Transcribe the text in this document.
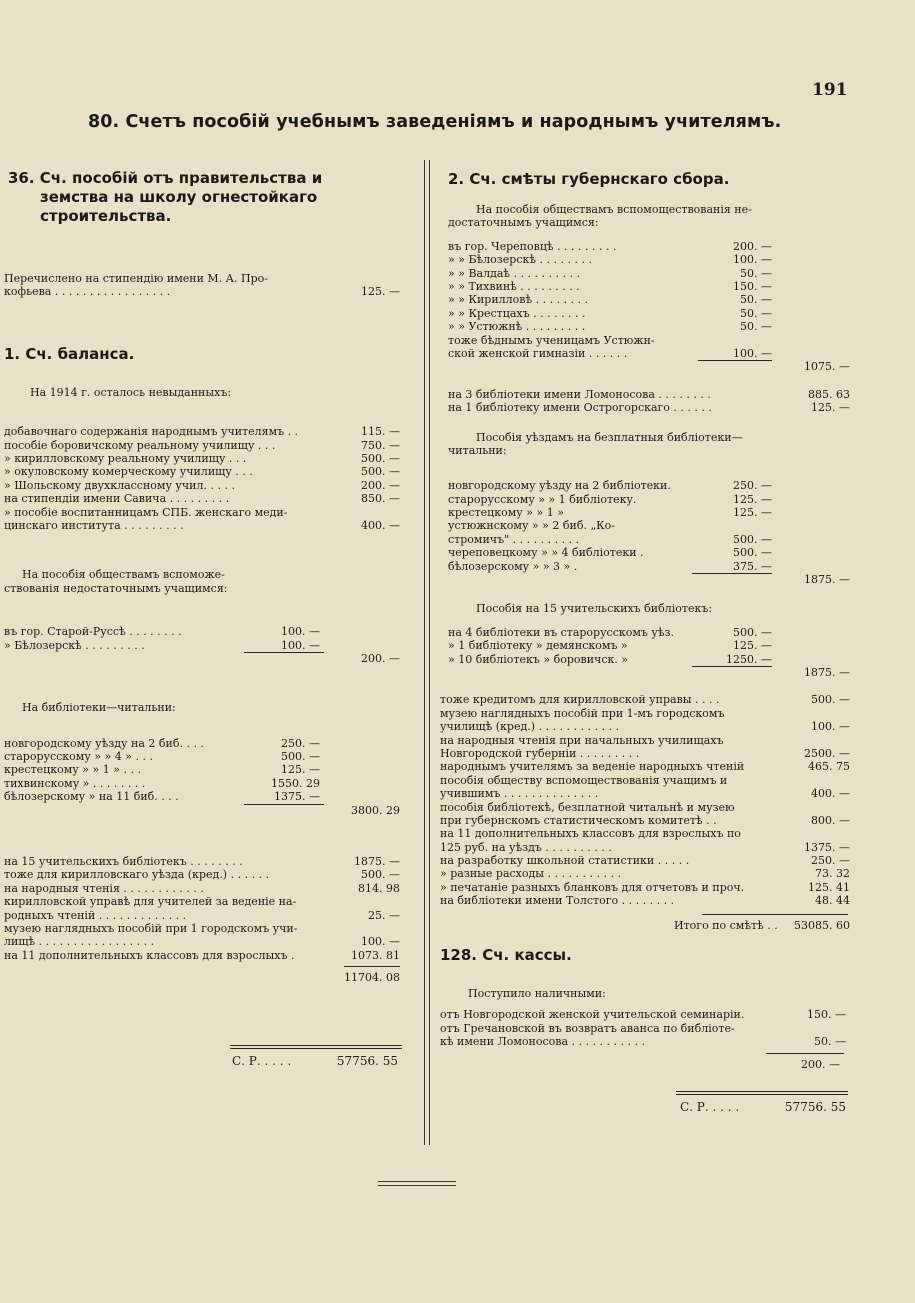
191
80. Счетъ пособій учебнымъ заведеніямъ и народнымъ учителямъ.
36. Сч. пособій отъ правительства и
земства на школу огнестойкаго
строительства.
Перечислено на стипендію имени М. А. Про-
кофьева . . . . . . . . . . . . . . . . .	125. —
1. Сч. баланса.
На 1914 г. осталось невыданныхъ:
добавочнаго содержанія народнымъ учителямъ . .	115. —
пособіе боровичскому реальному училищу . . .	750. —
» кирилловскому реальному училищу . . .	500. —
» окуловскому комерческому училищу . . .	500. —
» Шольскому двухклассному учил. . . . .	200. —
на стипендіи имени Савича . . . . . . . . .	850. —
» пособіе воспитанницамъ СПБ. женскаго меди-
цинскаго института . . . . . . . . .	400. —
На пособія обществамъ вспоможе-
ствованія недостаточнымъ учащимся:
въ гор. Старой-Руссѣ . . . . . . . .	100. —
» Бѣлозерскѣ . . . . . . . . .	100. —
200. —
На библіотеки—читальни:
новгородскому уѣзду на 2 биб. . . .	250. —
старорусскому » » 4 » . . .	500. —
крестецкому » » 1 » . . .	125. —
тихвинскому » . . . . . . . .	1550. 29
бѣлозерскому » на 11 биб. . . .	1375. —
3800. 29
на 15 учительскихъ библіотекъ . . . . . . . .	1875. —
тоже для кирилловскаго уѣзда (кред.) . . . . . .	500. —
на народныя чтенія . . . . . . . . . . . .	814. 98
кирилловской управѣ для учителей за веденіе на-
родныхъ чтеній . . . . . . . . . . . . .	25. —
музею наглядныхъ пособій при 1 городскомъ учи-
лищѣ . . . . . . . . . . . . . . . . .	100. —
на 11 дополнительныхъ классовъ для взрослыхъ .	1073. 81
11704. 08
С. Р. . . . .	57756. 55
2. Сч. смѣты губернскаго сбора.
На пособія обществамъ вспомоществованія не-
достаточнымъ учащимся:
въ гор. Череповцѣ . . . . . . . . .	200. —
» » Бѣлозерскѣ . . . . . . . .	100. —
» » Валдаѣ . . . . . . . . . .	50. —
» » Тихвинѣ . . . . . . . . .	150. —
» » Кирилловѣ . . . . . . . .	50. —
» » Крестцахъ . . . . . . . .	50. —
» » Устюжнѣ . . . . . . . . .	50. —
тоже бѣднымъ ученицамъ Устюжн-
ской женской гимназіи . . . . . .	100. —
1075. —
на 3 библіотеки имени Ломоносова . . . . . . . .	885. 63
на 1 библіотеку имени Острогорскаго . . . . . .	125. —
Пособія уѣздамъ на безплатныя библіотеки—
читальни:
новгородскому уѣзду на 2 библіотеки.	250. —
старорусскому » » 1 библіотеку.	125. —
крестецкому » » 1 »	125. —
устюжнскому » » 2 биб. „Ко-
стромичъ" . . . . . . . . . .	500. —
череповецкому » » 4 библіотеки .	500. —
бѣлозерскому » » 3 » .	375. —
1875. —
Пособія на 15 учительскихъ библіотекъ:
на 4 библіотеки въ старорусскомъ уѣз.	500. —
» 1 библіотеку » демянскомъ »	125. —
» 10 библіотекъ » боровичск. »	1250. —
1875. —
тоже кредитомъ для кирилловской управы . . . .	500. —
музею наглядныхъ пособій при 1-мъ городскомъ
училищѣ (кред.) . . . . . . . . . . . .	100. —
на народныя чтенія при начальныхъ училищахъ
Новгородской губерніи . . . . . . . . .	2500. —
народнымъ учителямъ за веденіе народныхъ чтеній	465. 75
пособія обществу вспомоществованія учащимъ и
учившимъ . . . . . . . . . . . . . .	400. —
пособія библіотекѣ, безплатной читальнѣ и музею
при губернскомъ статистическомъ комитетѣ . .	800. —
на 11 дополнительныхъ классовъ для взрослыхъ по
125 руб. на уѣздъ . . . . . . . . . .	1375. —
на разработку школьной статистики . . . . .	250. —
» разные расходы . . . . . . . . . . .	73. 32
» печатаніе разныхъ бланковъ для отчетовъ и проч.	125. 41
на библіотеки имени Толстого . . . . . . . .	48. 44
Итого по смѣтѣ . .	53085. 60
128. Сч. кассы.
Поступило наличными:
отъ Новгородской женской учительской семинаріи.	150. —
отъ Гречановской въ возвратъ аванса по библіоте-
кѣ имени Ломоносова . . . . . . . . . . .	50. —
200. —
С. Р. . . . .	57756. 55
